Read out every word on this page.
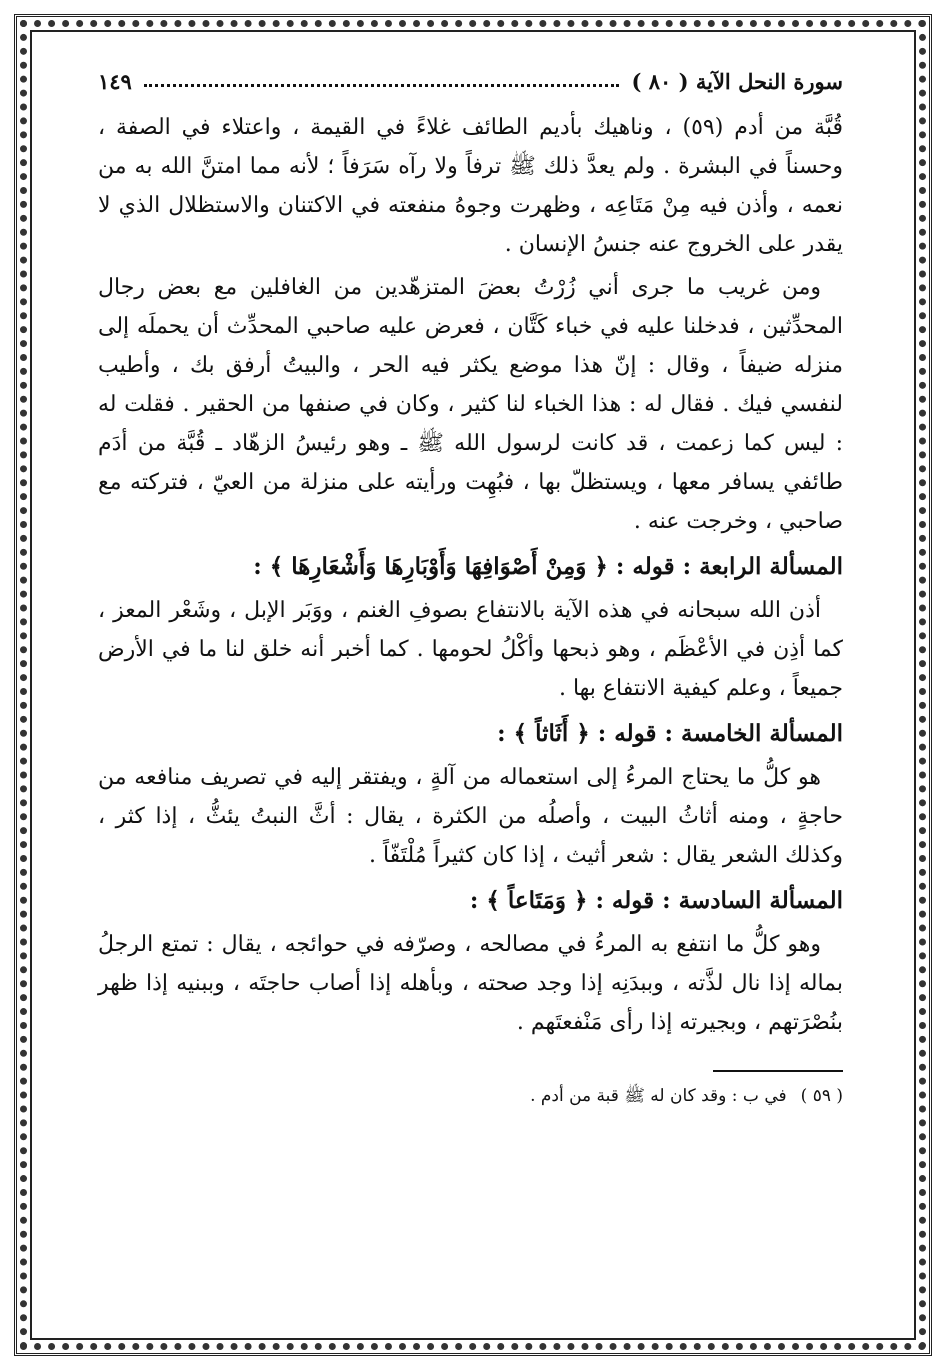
سورة النحل الآية ( ٨٠ )
١٤٩

قُبَّة من أدم (٥٩) ، وناهيك بأديم الطائف غلاءً في القيمة ، واعتلاء في الصفة ، وحسناً في البشرة . ولم يعدَّ ذلك ﷺ ترفاً ولا رآه سَرَفاً ؛ لأنه مما امتنَّ الله به من نعمه ، وأذن فيه مِنْ مَتَاعِه ، وظهرت وجوهُ منفعته في الاكتنان والاستظلال الذي لا يقدر على الخروج عنه جنسُ الإنسان .

ومن غريب ما جرى أني زُرْتُ بعضَ المتزهّدين من الغافلين مع بعض رجال المحدِّثين ، فدخلنا عليه في خباء كَتَّان ، فعرض عليه صاحبي المحدِّث أن يحملَه إلى منزله ضيفاً ، وقال : إنّ هذا موضع يكثر فيه الحر ، والبيتُ أرفق بك ، وأطيب لنفسي فيك . فقال له : هذا الخباء لنا كثير ، وكان في صنفها من الحقير . فقلت له : ليس كما زعمت ، قد كانت لرسول الله ﷺ ـ وهو رئيسُ الزهّاد ـ قُبَّة من أدَم طائفي يسافر معها ، ويستظلّ بها ، فبُهِت ورأيته على منزلة من العيّ ، فتركته مع صاحبي ، وخرجت عنه .

المسألة الرابعة : قوله : ﴿ وَمِنْ أَصْوَافِهَا وَأَوْبَارِهَا وَأَشْعَارِهَا ﴾ :

أذن الله سبحانه في هذه الآية بالانتفاع بصوفِ الغنم ، ووَبَر الإبل ، وشَعْر المعز ، كما أذِن في الأعْظَم ، وهو ذبحها وأكْلُ لحومها . كما أخبر أنه خلق لنا ما في الأرض جميعاً ، وعلم كيفية الانتفاع بها .

المسألة الخامسة : قوله : ﴿ أَثَاثاً ﴾ :

هو كلُّ ما يحتاج المرءُ إلى استعماله من آلةٍ ، ويفتقر إليه في تصريف منافعه من حاجةٍ ، ومنه أثاثُ البيت ، وأصلُه من الكثرة ، يقال : أثَّ النبتُ يئثُّ ، إذا كثر ، وكذلك الشعر يقال : شعر أثيث ، إذا كان كثيراً مُلْتَفّاً .

المسألة السادسة : قوله : ﴿ وَمَتَاعاً ﴾ :

وهو كلُّ ما انتفع به المرءُ في مصالحه ، وصرّفه في حوائجه ، يقال : تمتع الرجلُ بماله إذا نال لذَّته ، وببدَنِه إذا وجد صحته ، وبأهله إذا أصاب حاجتَه ، وببنيه إذا ظهر بنُصْرَتهم ، وبجيرته إذا رأى مَنْفعتَهم .

( ٥٩ )
في ب : وقد كان له ﷺ قبة من أدم .
